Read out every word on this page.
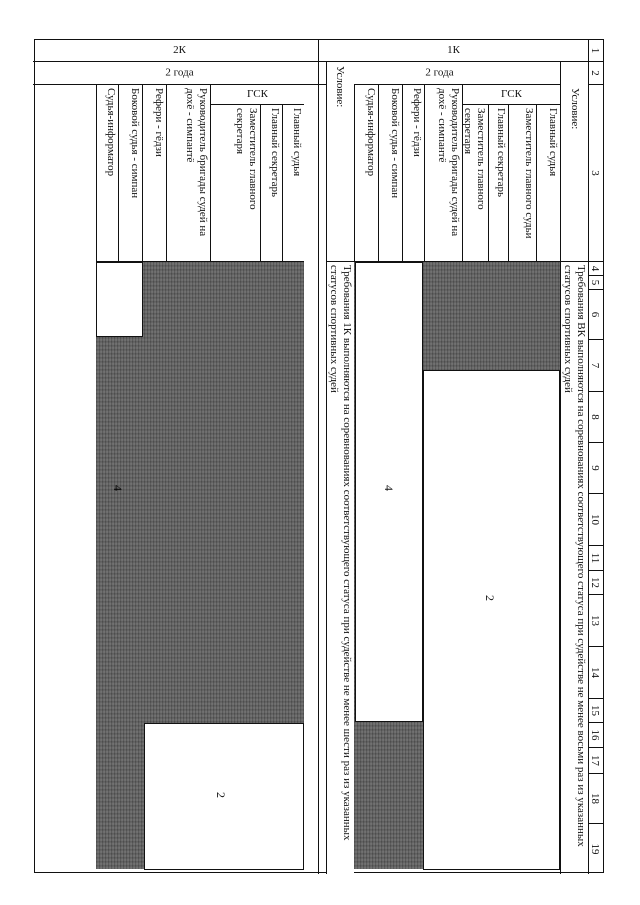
1
2
3
4
5
6
7
8
9
10
11
12
13
14
15
16
17
18
19
1К
Условие:
Требования ВК выполняются на соревнованиях соответствующего статуса при судействе не менее восьми раз из указанных статусов спортивных судей
2 года
ГСК
Главный судья
Заместитель главного судьи
Главный секретарь
Заместитель главного секретаря
Руководитель бригады судей на дохё - симпантё
Рефери - гёдзи
Боковой судья - симпан
Судья-информатор
2
4
Условие:
Требования 1К выполняются на соревнованиях соответствующего статуса при судействе не менее шести раз из указанных статусов спортивных судей
2К
2 года
ГСК
Главный судья
Главный секретарь
Заместитель главного секретаря
Руководитель бригады судей на дохё - симпантё
Рефери - гёдзи
Боковой судья - симпан
Судья-информатор
2
4
